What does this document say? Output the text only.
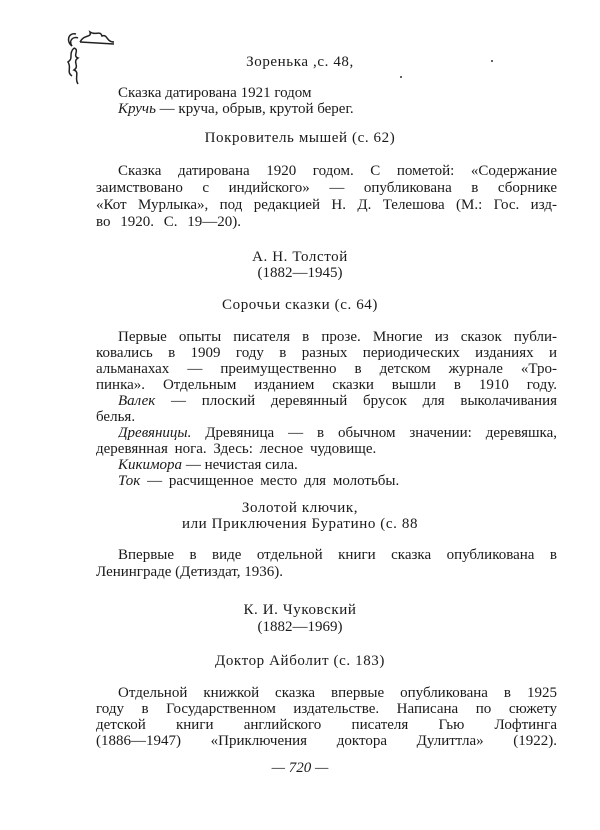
Зоренька ,с. 48,
Сказка датирована 1921 годом
Кручь — круча, обрыв, крутой берег.
Покровитель мышей (с. 62)
Сказка датирована 1920 годом. С пометой: «Содержание
заимствовано с индийского» — опубликована в сборнике
«Кот Мурлыка», под редакцией Н. Д. Телешова (М.: Гос. изд-
во 1920. С. 19—20).
А. Н. Толстой
(1882—1945)
Сорочьи сказки (с. 64)
Первые опыты писателя в прозе. Многие из сказок публи-
ковались в 1909 году в разных периодических изданиях и
альманахах — преимущественно в детском журнале «Тро-
пинка». Отдельным изданием сказки вышли в 1910 году.
Валек — плоский деревянный брусок для выколачивания
белья.
Древяницы. Древяница — в обычном значении: деревяшка,
деревянная нога. Здесь: лесное чудовище.
Кикимора — нечистая сила.
Ток — расчищенное место для молотьбы.
Золотой ключик,
или Приключения Буратино (с. 88
Впервые в виде отдельной книги сказка опубликована в
Ленинграде (Детиздат, 1936).
К. И. Чуковский
(1882—1969)
Доктор Айболит (с. 183)
Отдельной книжкой сказка впервые опубликована в 1925
году в Государственном издательстве. Написана по сюжету
детской книги английского писателя Гью Лофтинга
(1886—1947) «Приключения доктора Дулиттла» (1922).
— 720 —
